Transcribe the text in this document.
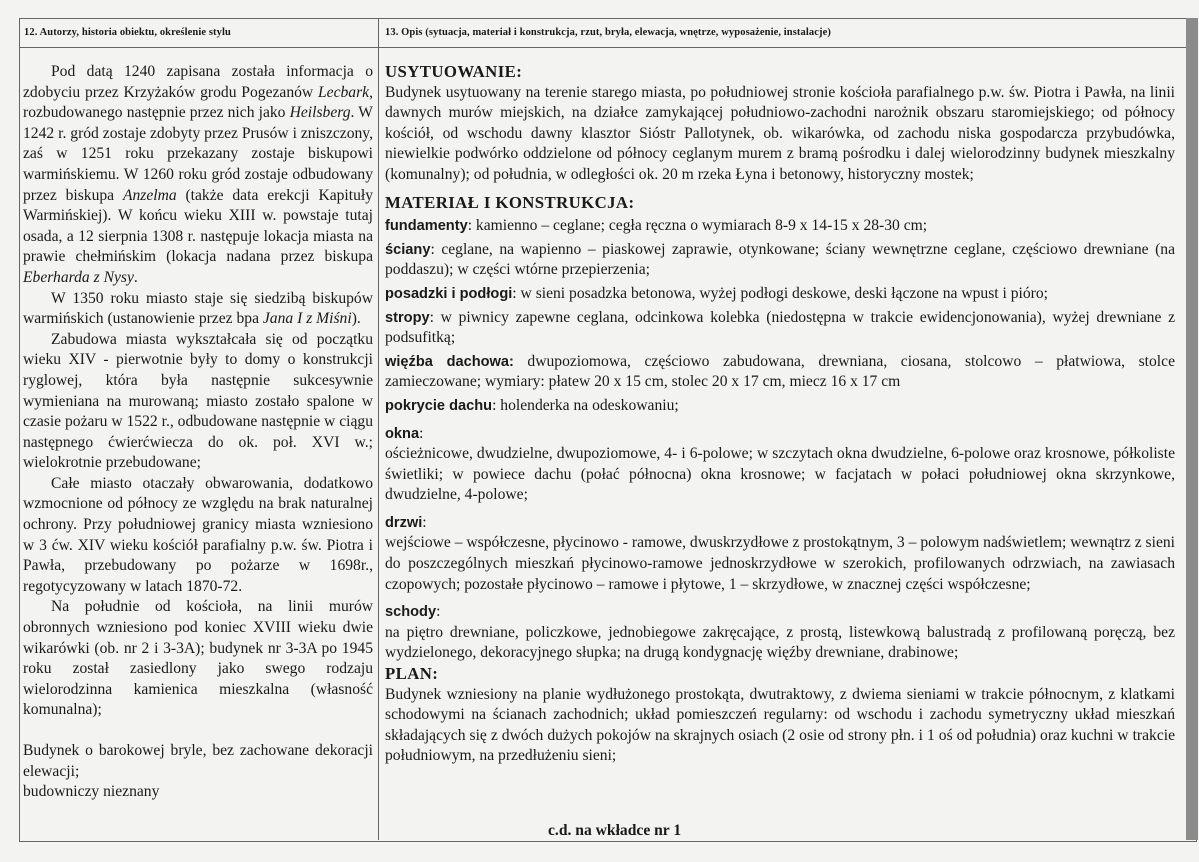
12. Autorzy, historia obiektu, określenie stylu	13. Opis (sytuacja, materiał i konstrukcja, rzut, bryła, elewacja, wnętrze, wyposażenie, instalacje)

Pod datą 1240 zapisana została informacja o zdobyciu przez Krzyżaków grodu Pogezanów Lecbark, rozbudowanego następnie przez nich jako Heilsberg. W 1242 r. gród zostaje zdobyty przez Prusów i zniszczony, zaś w 1251 roku przekazany zostaje biskupowi warmińskiemu. W 1260 roku gród zostaje odbudowany przez biskupa Anzelma (także data erekcji Kapituły Warmińskiej). W końcu wieku XIII w. powstaje tutaj osada, a 12 sierpnia 1308 r. następuje lokacja miasta na prawie chełmińskim (lokacja nadana przez biskupa Eberharda z Nysy.

W 1350 roku miasto staje się siedzibą biskupów warmińskich (ustanowienie przez bpa Jana I z Miśni).

Zabudowa miasta wykształcała się od początku wieku XIV - pierwotnie były to domy o konstrukcji ryglowej, która była następnie sukcesywnie wymieniana na murowaną; miasto zostało spalone w czasie pożaru w 1522 r., odbudowane następnie w ciągu następnego ćwierćwiecza do ok. poł. XVI w.; wielokrotnie przebudowane;

Całe miasto otaczały obwarowania, dodatkowo wzmocnione od północy ze względu na brak naturalnej ochrony. Przy południowej granicy miasta wzniesiono w 3 ćw. XIV wieku kościół parafialny p.w. św. Piotra i Pawła, przebudowany po pożarze w 1698r., regotycyzowany w latach 1870-72.

Na południe od kościoła, na linii murów obronnych wzniesiono pod koniec XVIII wieku dwie wikarówki (ob. nr 2 i 3-3A); budynek nr 3-3A po 1945 roku został zasiedlony jako swego rodzaju wielorodzinna kamienica mieszkalna (własność komunalna);

Budynek o barokowej bryle, bez zachowane dekoracji elewacji;

budowniczy nieznany

USYTUOWANIE:

Budynek usytuowany na terenie starego miasta, po południowej stronie kościoła parafialnego p.w. św. Piotra i Pawła, na linii dawnych murów miejskich, na działce zamykającej południowo-zachodni narożnik obszaru staromiejskiego; od północy kościół, od wschodu dawny klasztor Sióstr Pallotynek, ob. wikarówka, od zachodu niska gospodarcza przybudówka, niewielkie podwórko oddzielone od północy ceglanym murem z bramą pośrodku i dalej wielorodzinny budynek mieszkalny (komunalny); od południa, w odległości ok. 20 m rzeka Łyna i betonowy, historyczny mostek;

MATERIAŁ I KONSTRUKCJA:

fundamenty: kamienno – ceglane; cegła ręczna o wymiarach 8-9 x 14-15 x 28-30 cm;

ściany: ceglane, na wapienno – piaskowej zaprawie, otynkowane; ściany wewnętrzne ceglane, częściowo drewniane (na poddaszu); w części wtórne przepierzenia;

posadzki i podłogi: w sieni posadzka betonowa, wyżej podłogi deskowe, deski łączone na wpust i pióro;

stropy: w piwnicy zapewne ceglana, odcinkowa kolebka (niedostępna w trakcie ewidencjonowania), wyżej drewniane z podsufitką;

więźba dachowa: dwupoziomowa, częściowo zabudowana, drewniana, ciosana, stolcowo – płatwiowa, stolce zamieczowane; wymiary: płatew 20 x 15 cm, stolec 20 x 17 cm, miecz 16 x 17 cm

pokrycie dachu: holenderka na odeskowaniu;

okna:

ościeżnicowe, dwudzielne, dwupoziomowe, 4- i 6-polowe; w szczytach okna dwudzielne, 6-polowe oraz krosnowe, półkoliste świetliki; w powiece dachu (połać północna) okna krosnowe; w facjatach w połaci południowej okna skrzynkowe, dwudzielne, 4-polowe;

drzwi:

wejściowe – współczesne, płycinowo - ramowe, dwuskrzydłowe z prostokątnym, 3 – polowym nadświetlem; wewnątrz z sieni do poszczególnych mieszkań płycinowo-ramowe jednoskrzydłowe w szerokich, profilowanych odrzwiach, na zawiasach czopowych; pozostałe płycinowo – ramowe i płytowe, 1 – skrzydłowe, w znacznej części współczesne;

schody:

na piętro drewniane, policzkowe, jednobiegowe zakręcające, z prostą, listewkową balustradą z profilowaną poręczą, bez wydzielonego, dekoracyjnego słupka; na drugą kondygnację więźby drewniane, drabinowe;

PLAN:

Budynek wzniesiony na planie wydłużonego prostokąta, dwutraktowy, z dwiema sieniami w trakcie północnym, z klatkami schodowymi na ścianach zachodnich; układ pomieszczeń regularny: od wschodu i zachodu symetryczny układ mieszkań składających się z dwóch dużych pokojów na skrajnych osiach (2 osie od strony płn. i 1 oś od południa) oraz kuchni w trakcie południowym, na przedłużeniu sieni;

c.d. na wkładce nr 1
